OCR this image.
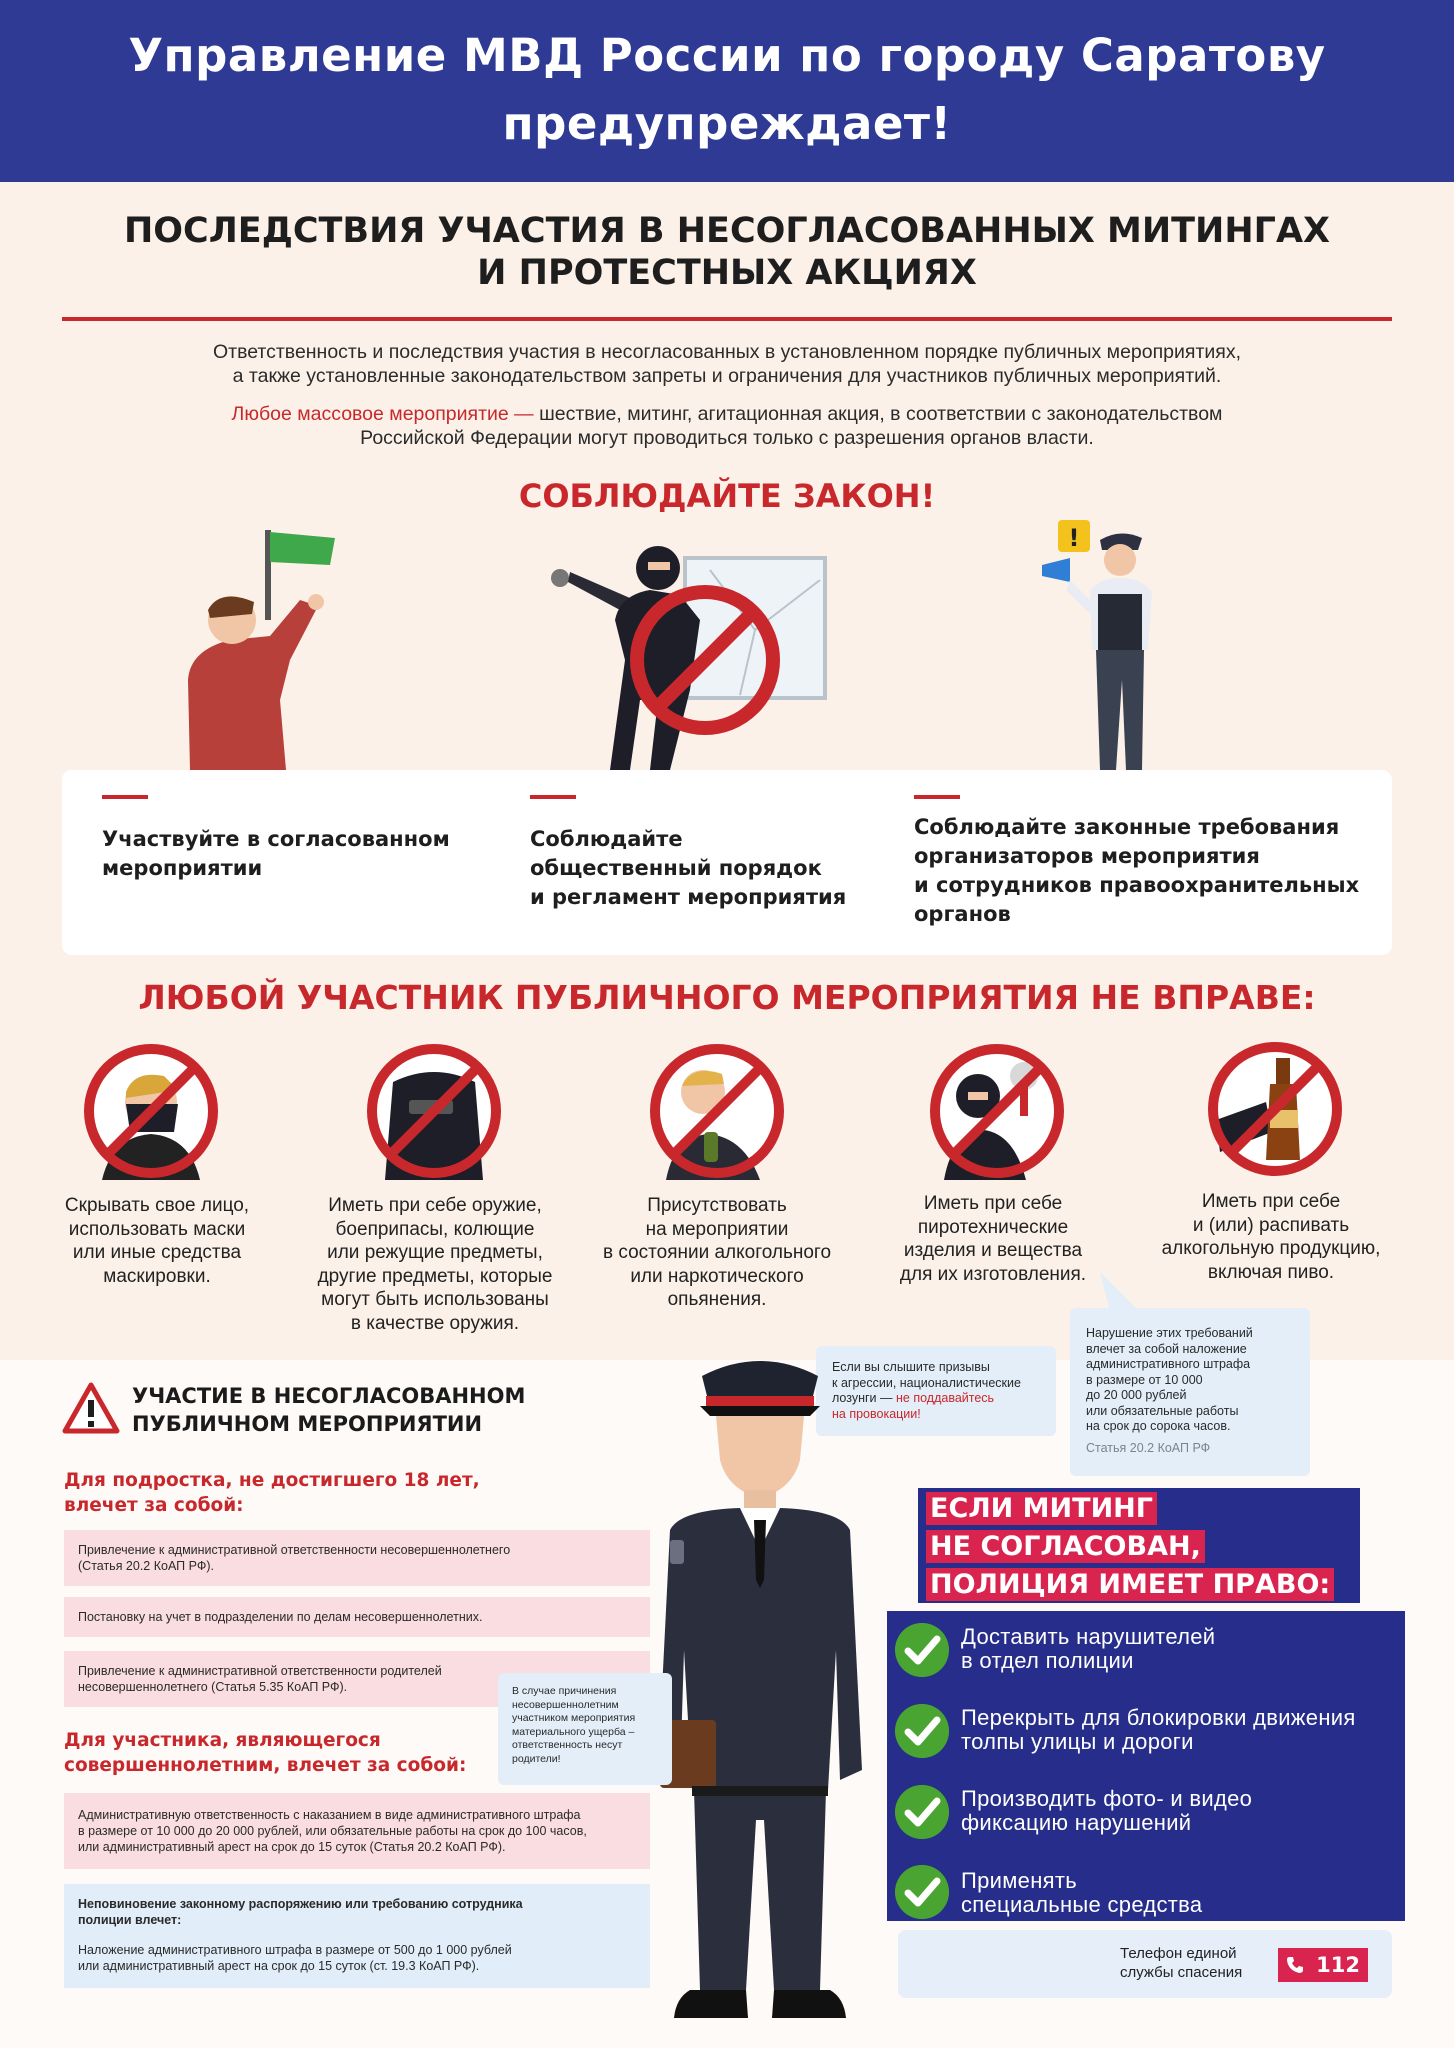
Управление МВД России по городу Саратову
предупреждает!
ПОСЛЕДСТВИЯ УЧАСТИЯ В НЕСОГЛАСОВАННЫХ МИТИНГАХ
И ПРОТЕСТНЫХ АКЦИЯХ
Ответственность и последствия участия в несогласованных в установленном порядке публичных мероприятиях,
а также установленные законодательством запреты и ограничения для участников публичных мероприятий.
Любое массовое мероприятие — шествие, митинг, агитационная акция, в соответствии с законодательством
Российской Федерации могут проводиться только с разрешения органов власти.
СОБЛЮДАЙТЕ ЗАКОН!
!
Участвуйте в согласованном
мероприятии
Соблюдайте
общественный порядок
и регламент мероприятия
Соблюдайте законные требования
организаторов мероприятия
и сотрудников правоохранительных
органов
ЛЮБОЙ УЧАСТНИК ПУБЛИЧНОГО МЕРОПРИЯТИЯ НЕ ВПРАВЕ:
Скрывать свое лицо,
использовать маски
или иные средства
маскировки.
Иметь при себе оружие,
боеприпасы, колющие
или режущие предметы,
другие предметы, которые
могут быть использованы
в качестве оружия.
Присутствовать
на мероприятии
в состоянии алкогольного
или наркотического
опьянения.
Иметь при себе
пиротехнические
изделия и вещества
для их изготовления.
Иметь при себе
и (или) распивать
алкогольную продукцию,
включая пиво.
Нарушение этих требований
влечет за собой наложение
административного штрафа
в размере от 10 000
до 20 000 рублей
или обязательные работы
на срок до сорока часов.
Статья 20.2 КоАП РФ
Если вы слышите призывы
к агрессии, националистические
лозунги — не поддавайтесь
на провокации!
УЧАСТИЕ В НЕСОГЛАСОВАННОМ
ПУБЛИЧНОМ МЕРОПРИЯТИИ
Для подростка, не достигшего 18 лет,
влечет за собой:
Привлечение к административной ответственности несовершеннолетнего
(Статья 20.2 КоАП РФ).
Постановку на учет в подразделении по делам несовершеннолетних.
Привлечение к административной ответственности родителей
несовершеннолетнего (Статья 5.35 КоАП РФ).
Для участника, являющегося
совершеннолетним, влечет за собой:
Административную ответственность с наказанием в виде административного штрафа
в размере от 10 000 до 20 000 рублей, или обязательные работы на срок до 100 часов,
или административный арест на срок до 15 суток (Статья 20.2 КоАП РФ).
Неповиновение законному распоряжению или требованию сотрудника
полиции влечет:
Наложение административного штрафа в размере от 500 до 1 000 рублей
или административный арест на срок до 15 суток (ст. 19.3 КоАП РФ).
В случае причинения
несовершеннолетним
участником мероприятия
материального ущерба –
ответственность несут
родители!
ЕСЛИ МИТИНГ
НЕ СОГЛАСОВАН,
ПОЛИЦИЯ ИМЕЕТ ПРАВО:
Доставить нарушителей
в отдел полиции
Перекрыть для блокировки движения
толпы улицы и дороги
Производить фото- и видео
фиксацию нарушений
Применять
специальные средства
Телефон единой
службы спасения	112
